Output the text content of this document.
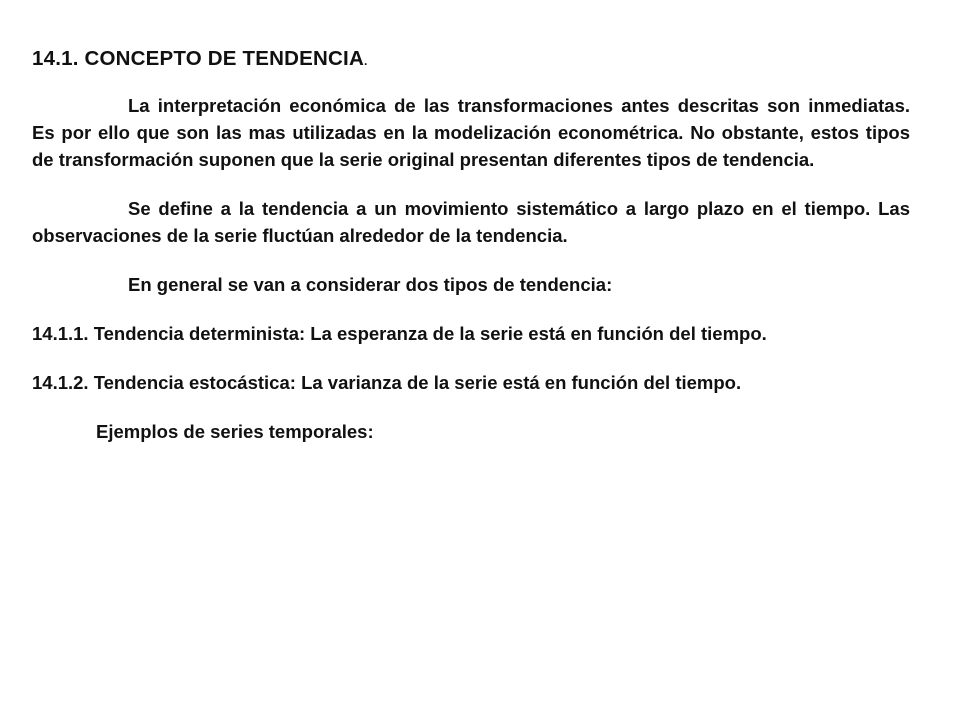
14.1. CONCEPTO DE TENDENCIA.

La interpretación económica de las transformaciones antes descritas son inmediatas. Es por ello que son las mas utilizadas en la modelización econométrica. No obstante, estos tipos de transformación suponen que la serie original presentan diferentes tipos de tendencia.

Se define a la tendencia a un movimiento sistemático a largo plazo en el tiempo. Las observaciones de la serie fluctúan alrededor de la tendencia.

En general se van a considerar dos tipos de tendencia:
14.1.1. Tendencia determinista: La esperanza de la serie está en función del tiempo.
14.1.2. Tendencia estocástica: La varianza de la serie está en función del tiempo.
Ejemplos de series temporales:
